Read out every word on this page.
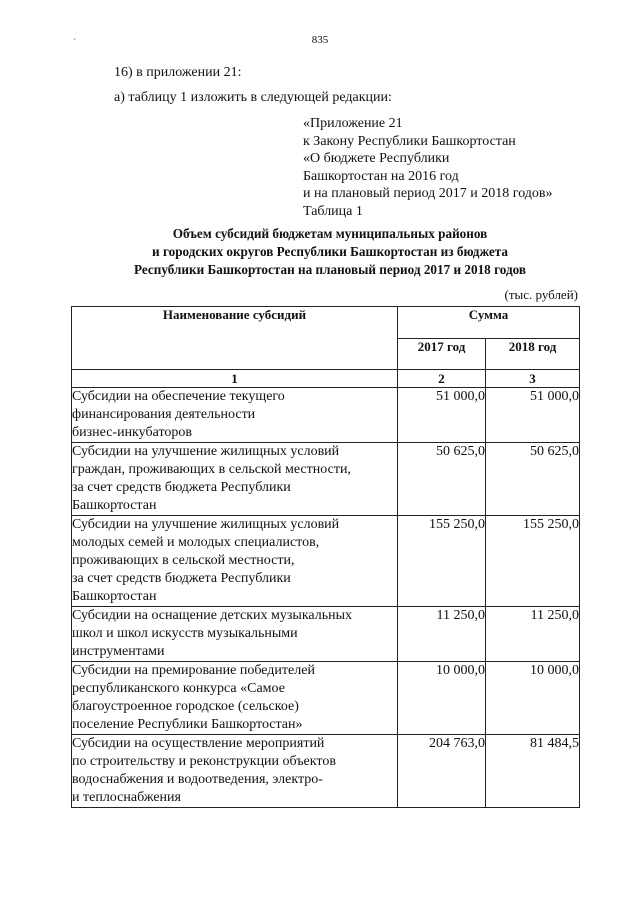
835
´
16) в приложении 21:
а) таблицу 1 изложить в следующей редакции:
«Приложение 21
к Закону Республики Башкортостан
«О бюджете Республики
Башкортостан на 2016 год
и на плановый период 2017 и 2018 годов»
Таблица 1
Объем субсидий бюджетам муниципальных районов
и городских округов Республики Башкортостан из бюджета
Республики Башкортостан на плановый период 2017 и 2018 годов
(тыс. рублей)
Наименование субсидий	Сумма	
	2017 год	2018 год
1	2	3
Субсидии на обеспечение текущего
финансирования деятельности
бизнес-инкубаторов	51 000,0	51 000,0
Субсидии на улучшение жилищных условий
граждан, проживающих в сельской местности,
за счет средств бюджета Республики
Башкортостан	50 625,0	50 625,0
Субсидии на улучшение жилищных условий
молодых семей и молодых специалистов,
проживающих в сельской местности,
за счет средств бюджета Республики
Башкортостан	155 250,0	155 250,0
Субсидии на оснащение детских музыкальных
школ и школ искусств музыкальными
инструментами	11 250,0	11 250,0
Субсидии на премирование победителей
республиканского конкурса «Самое
благоустроенное городское (сельское)
поселение Республики Башкортостан»	10 000,0	10 000,0
Субсидии на осуществление мероприятий
по строительству и реконструкции объектов
водоснабжения и водоотведения, электро-
и теплоснабжения	204 763,0	81 484,5
